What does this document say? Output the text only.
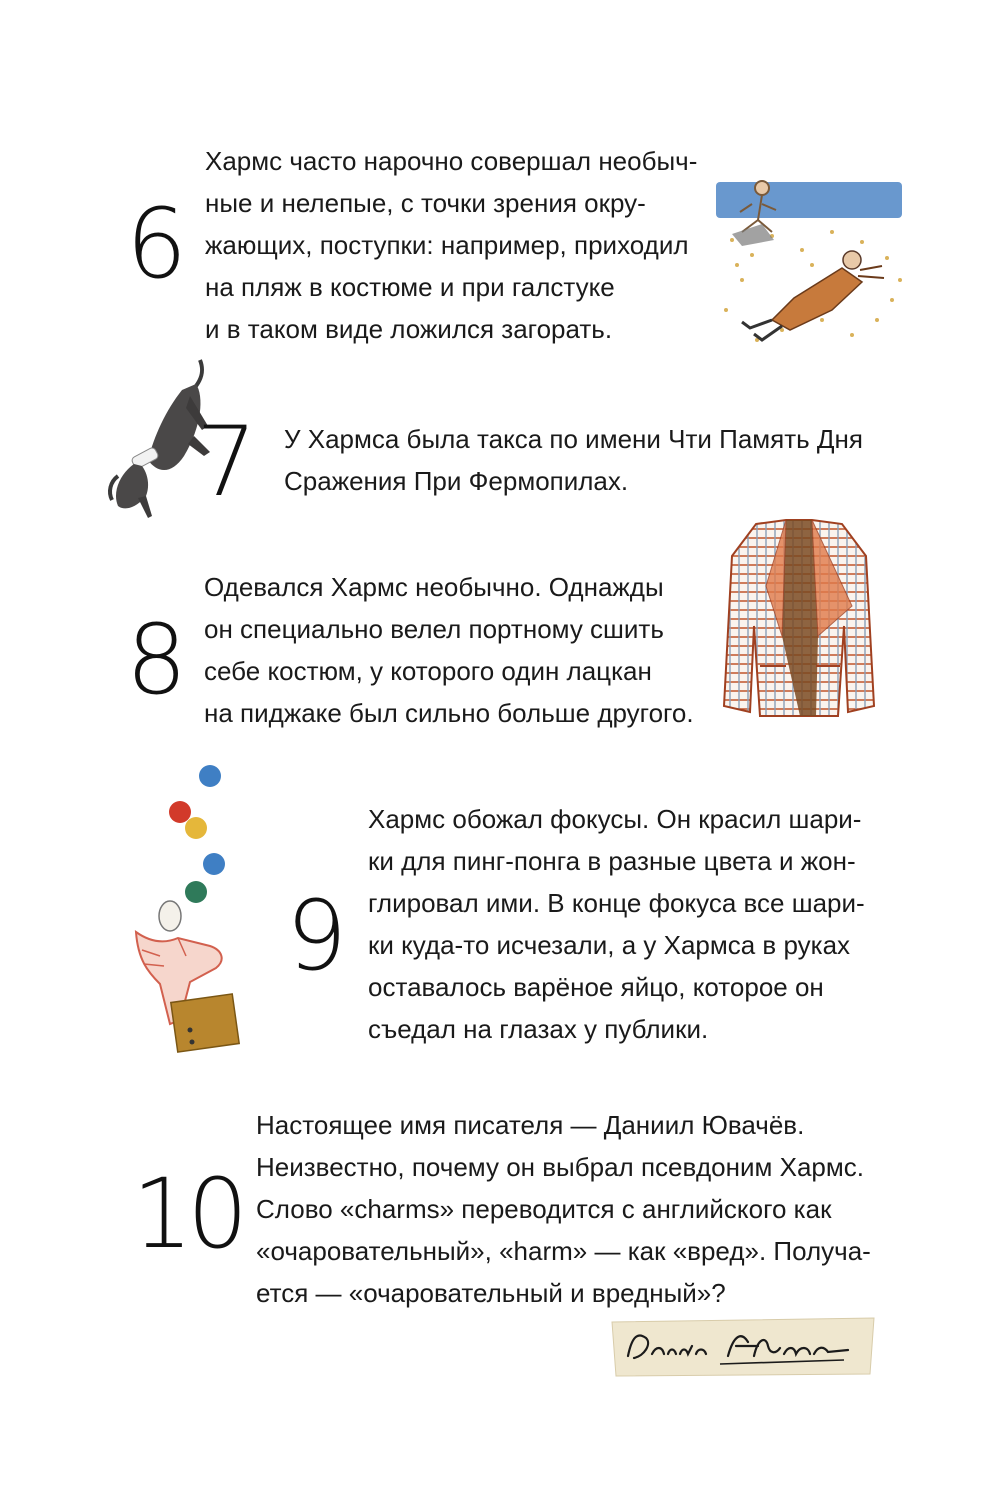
6

Хармс часто нарочно совершал необыч-
ные и нелепые, с точки зрения окру-
жающих, поступки: например, приходил
на пляж в костюме и при галстуке
и в таком виде ложился загорать.

7 У Хармса была такса по имени Чти Память Дня
Сражения При Фермопилах.

8

Одевался Хармс необычно. Однажды
он специально велел портному сшить
себе костюм, у которого один лацкан
на пиджаке был сильно больше другого.

9

Хармс обожал фокусы. Он красил шари-
ки для пинг-понга в разные цвета и жон-
глировал ими. В конце фокуса все шари-
ки куда-то исчезали, а у Хармса в руках
оставалось варёное яйцо, которое он
съедал на глазах у публики.

10

Настоящее имя писателя — Даниил Ювачёв.
Неизвестно, почему он выбрал псевдоним Хармс.
Слово «charms» переводится с английского как
«очаровательный», «harm» — как «вред». Получа-
ется — «очаровательный и вредный»?
